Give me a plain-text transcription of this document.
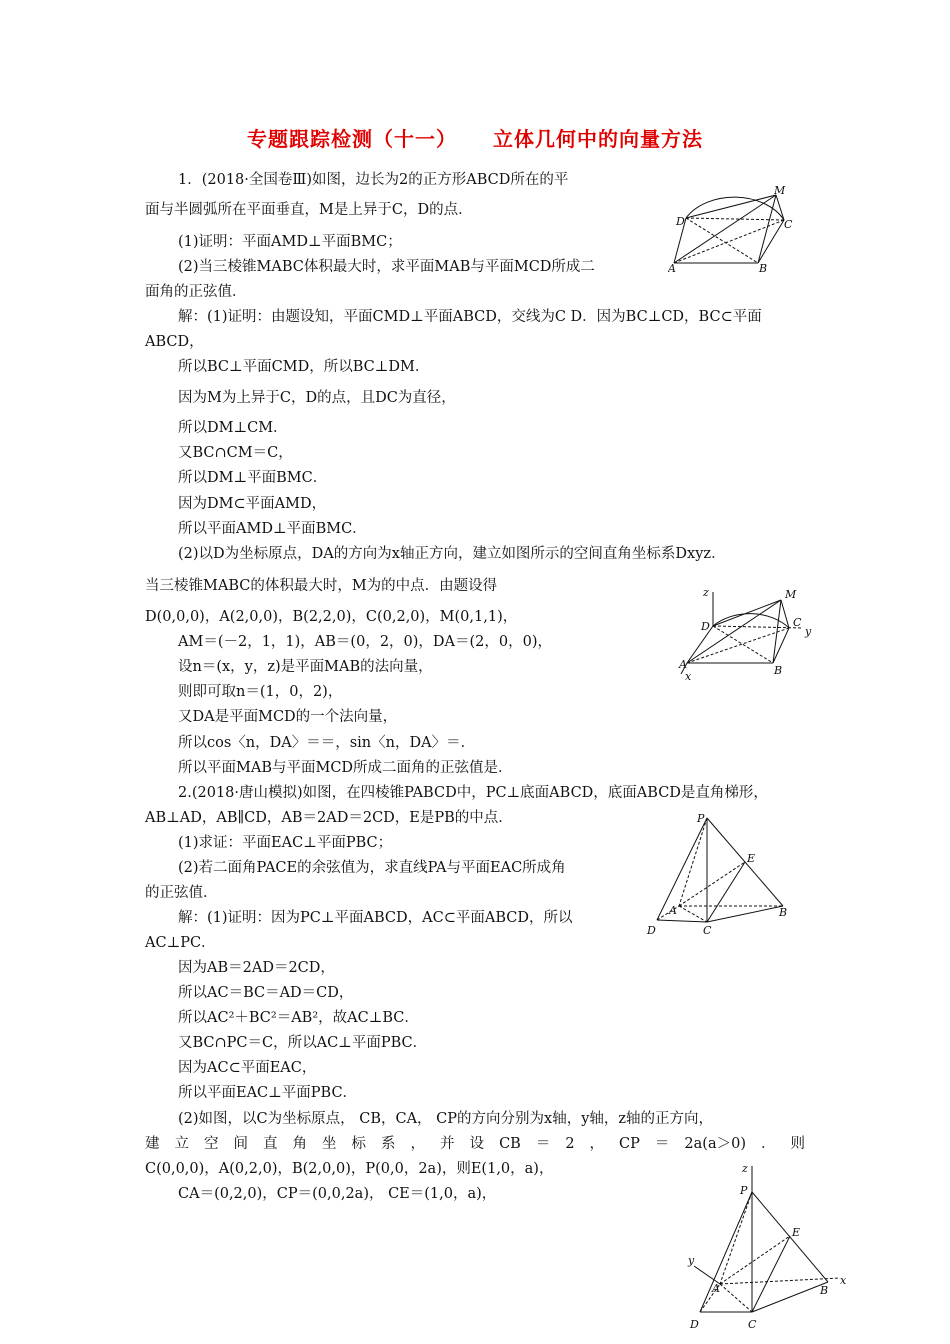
专题跟踪检测（十一） 立体几何中的向量方法
1．(2018·全国卷Ⅲ)如图，边长为2的正方形ABCD所在的平
面与半圆弧所在平面垂直，M是上异于C，D的点．
(1)证明：平面AMD⊥平面BMC；
(2)当三棱锥MABC体积最大时，求平面MAB与平面MCD所成二
面角的正弦值．
解：(1)证明：由题设知，平面CMD⊥平面ABCD，交线为C D．因为BC⊥CD，BC⊂平面
ABCD，
所以BC⊥平面CMD，所以BC⊥DM．
因为M为上异于C，D的点，且DC为直径，
所以DM⊥CM．
又BC∩CM＝C，
所以DM⊥平面BMC．
因为DM⊂平面AMD，
所以平面AMD⊥平面BMC．
(2)以D为坐标原点，DA的方向为x轴正方向，建立如图所示的空间直角坐标系Dxyz．
当三棱锥MABC的体积最大时，M为的中点．由题设得
D(0,0,0)，A(2,0,0)，B(2,2,0)，C(0,2,0)，M(0,1,1)，
AM＝(－2，1，1)，AB＝(0，2，0)，DA＝(2，0，0)，
设n＝(x，y，z)是平面MAB的法向量，
则即可取n＝(1，0，2)，
又DA是平面MCD的一个法向量，
所以cos〈n，DA〉＝＝，sin〈n，DA〉＝．
所以平面MAB与平面MCD所成二面角的正弦值是．
2.(2018·唐山模拟)如图，在四棱锥PABCD中，PC⊥底面ABCD，底面ABCD是直角梯形，
AB⊥AD，AB∥CD，AB＝2AD＝2CD，E是PB的中点．
(1)求证：平面EAC⊥平面PBC；
(2)若二面角PACE的余弦值为，求直线PA与平面EAC所成角
的正弦值．
解：(1)证明：因为PC⊥平面ABCD，AC⊂平面ABCD，所以
AC⊥PC．
因为AB＝2AD＝2CD，
所以AC＝BC＝AD＝CD，
所以AC²＋BC²＝AB²，故AC⊥BC．
又BC∩PC＝C，所以AC⊥平面PBC．
因为AC⊂平面EAC，
所以平面EAC⊥平面PBC．
(2)如图，以C为坐标原点， CB，CA， CP的方向分别为x轴，y轴，z轴的正方向，
建立空间直角坐标系，并设CB＝2，CP＝2a(a＞0)．则
C(0,0,0)，A(0,2,0)，B(2,0,0)，P(0,0，2a)，则E(1,0，a)，
CA＝(0,2,0)，CP＝(0,0,2a)， CE＝(1,0，a)，
M
D	C
A	B
z	M
D	C
y
A
x	B
P
E
A	B
D	C
z
P
E
y
A	B
x
D	C
